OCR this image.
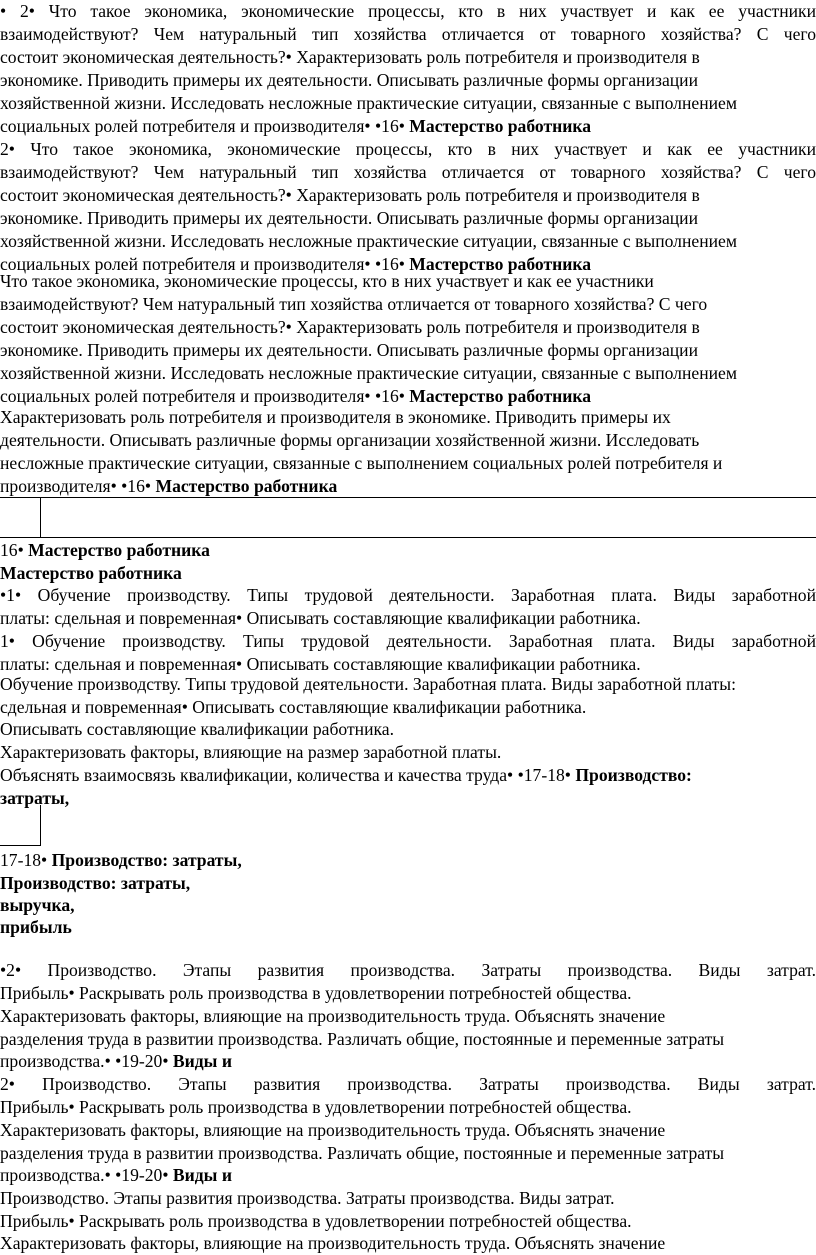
• 2• Что такое экономика, экономические процессы, кто в них участвует и как ее участники
взаимодействуют? Чем натуральный тип хозяйства отличается от товарного хозяйства? С чего
состоит экономическая деятельность?• Характеризовать роль потребителя и производителя в
экономике. Приводить примеры их деятельности. Описывать различные формы организации
хозяйственной жизни. Исследовать несложные практические ситуации, связанные с выполнением
социальных ролей потребителя и производителя• •16• Мастерство работника
2• Что такое экономика, экономические процессы, кто в них участвует и как ее участники
взаимодействуют? Чем натуральный тип хозяйства отличается от товарного хозяйства? С чего
состоит экономическая деятельность?• Характеризовать роль потребителя и производителя в
экономике. Приводить примеры их деятельности. Описывать различные формы организации
хозяйственной жизни. Исследовать несложные практические ситуации, связанные с выполнением
социальных ролей потребителя и производителя• •16• Мастерство работника
Что такое экономика, экономические процессы, кто в них участвует и как ее участники
взаимодействуют? Чем натуральный тип хозяйства отличается от товарного хозяйства? С чего
состоит экономическая деятельность?• Характеризовать роль потребителя и производителя в
экономике. Приводить примеры их деятельности. Описывать различные формы организации
хозяйственной жизни. Исследовать несложные практические ситуации, связанные с выполнением
социальных ролей потребителя и производителя• •16• Мастерство работника
Характеризовать роль потребителя и производителя в экономике. Приводить примеры их
деятельности. Описывать различные формы организации хозяйственной жизни. Исследовать
несложные практические ситуации, связанные с выполнением социальных ролей потребителя и
производителя• •16• Мастерство работника
16• Мастерство работника
Мастерство работника
•1• Обучение производству. Типы трудовой деятельности. Заработная плата. Виды заработной
платы: сдельная и повременная• Описывать составляющие квалификации работника.
1• Обучение производству. Типы трудовой деятельности. Заработная плата. Виды заработной
платы: сдельная и повременная• Описывать составляющие квалификации работника.
Обучение производству. Типы трудовой деятельности. Заработная плата. Виды заработной платы:
сдельная и повременная• Описывать составляющие квалификации работника.
Описывать составляющие квалификации работника.
Характеризовать факторы, влияющие на размер заработной платы.
Объяснять взаимосвязь квалификации, количества и качества труда• •17-18• Производство:
затраты,
17-18• Производство: затраты,
Производство: затраты,
выручка,
прибыль
•2• Производство. Этапы развития производства. Затраты производства. Виды затрат.
Прибыль• Раскрывать роль производства в удовлетворении потребностей общества.
Характеризовать факторы, влияющие на производительность труда. Объяснять значение
разделения труда в развитии производства. Различать общие, постоянные и переменные затраты
производства.• •19-20• Виды и
2• Производство. Этапы развития производства. Затраты производства. Виды затрат.
Прибыль• Раскрывать роль производства в удовлетворении потребностей общества.
Характеризовать факторы, влияющие на производительность труда. Объяснять значение
разделения труда в развитии производства. Различать общие, постоянные и переменные затраты
производства.• •19-20• Виды и
Производство. Этапы развития производства. Затраты производства. Виды затрат.
Прибыль• Раскрывать роль производства в удовлетворении потребностей общества.
Характеризовать факторы, влияющие на производительность труда. Объяснять значение
